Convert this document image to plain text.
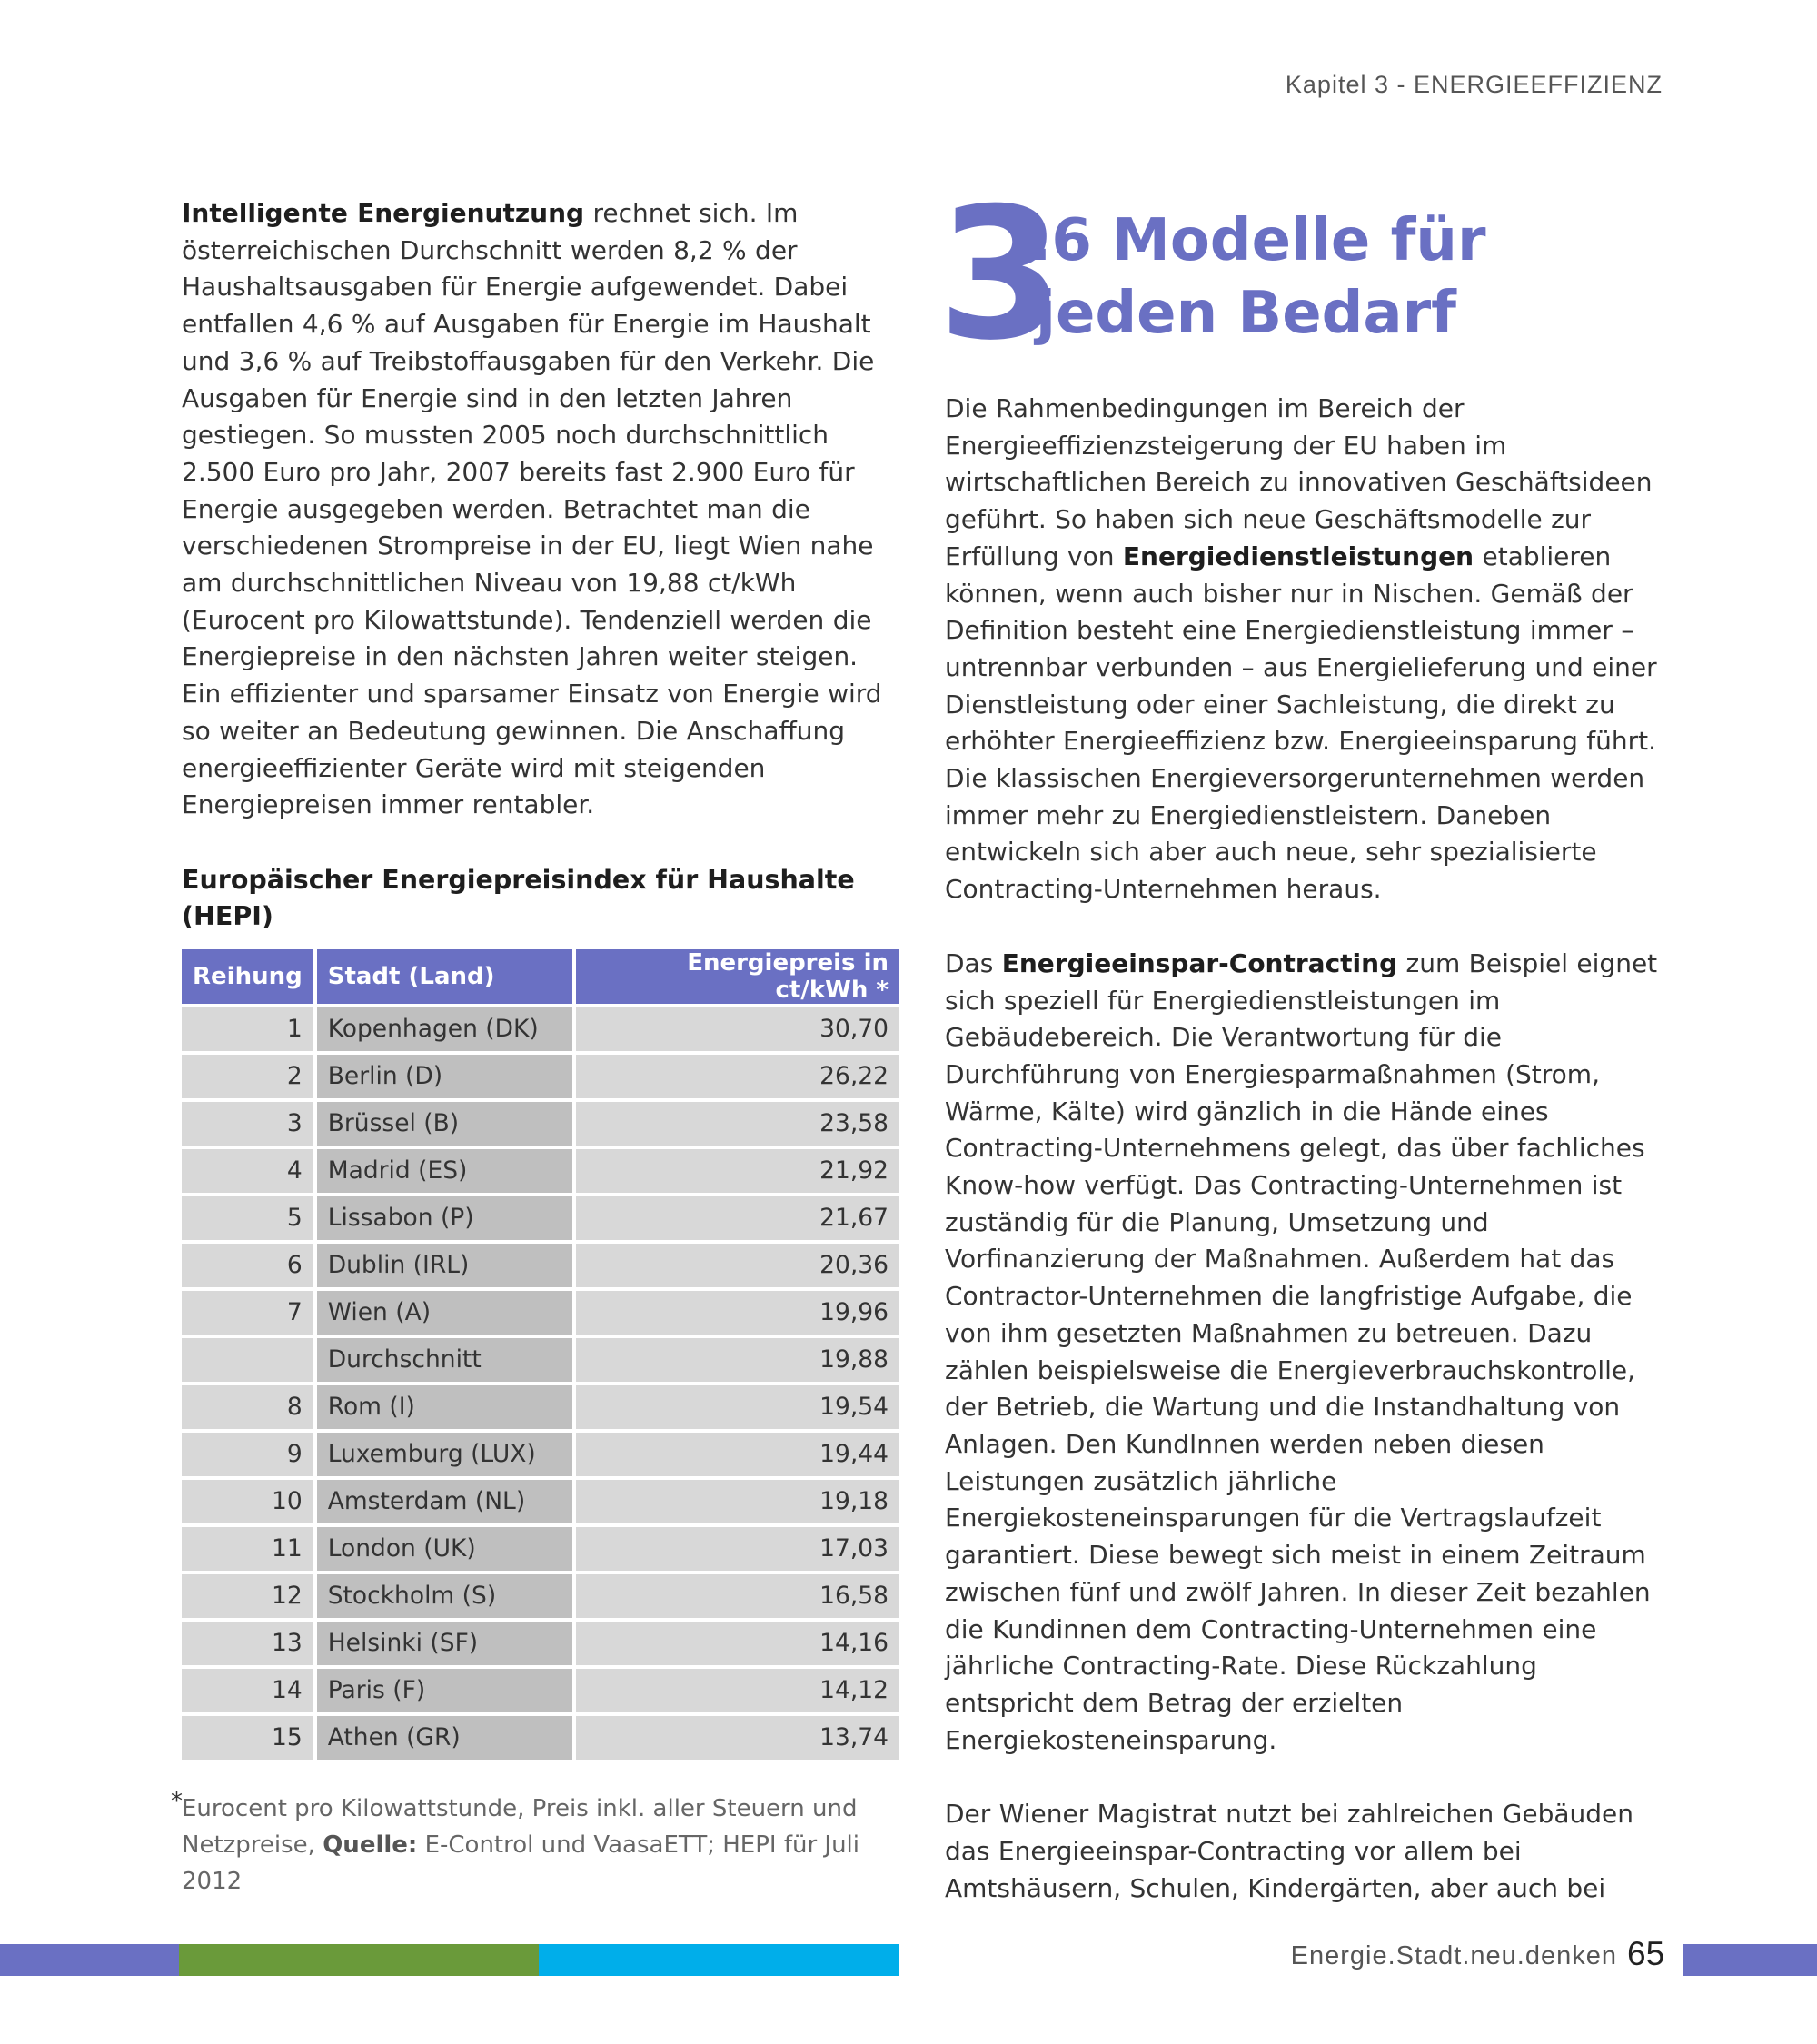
Kapitel 3 - ENERGIEEFFIZIENZ

Intelligente Energienutzung rechnet sich. Im österreichischen Durchschnitt werden 8,2 % der Haushaltsausgaben für Energie aufgewendet. Dabei entfallen 4,6 % auf Ausgaben für Energie im Haushalt und 3,6 % auf Treibstoffausgaben für den Verkehr. Die Ausgaben für Energie sind in den letzten Jahren gestiegen. So mussten 2005 noch durchschnittlich 2.500 Euro pro Jahr, 2007 bereits fast 2.900 Euro für Energie ausgegeben werden. Betrachtet man die verschiedenen Strompreise in der EU, liegt Wien nahe am durchschnittlichen Niveau von 19,88 ct/kWh (Eurocent pro Kilowattstunde). Tendenziell werden die Energiepreise in den nächsten Jahren weiter steigen. Ein effizienter und sparsamer Einsatz von Energie wird so weiter an Bedeutung gewinnen. Die Anschaffung energieeffizienter Geräte wird mit steigenden Energiepreisen immer rentabler.

Europäischer Energiepreisindex für Haushalte (HEPI)
Reihung	Stadt (Land)	Energiepreis in ct/kWh *
1	Kopenhagen (DK)	30,70
2	Berlin (D)	26,22
3	Brüssel (B)	23,58
4	Madrid (ES)	21,92
5	Lissabon (P)	21,67
6	Dublin (IRL)	20,36
7	Wien (A)	19,96
	Durchschnitt	19,88
8	Rom (I)	19,54
9	Luxemburg (LUX)	19,44
10	Amsterdam (NL)	19,18
11	London (UK)	17,03
12	Stockholm (S)	16,58
13	Helsinki (SF)	14,16
14	Paris (F)	14,12
15	Athen (GR)	13,74
* Eurocent pro Kilowattstunde, Preis inkl. aller Steuern und Netzpreise, Quelle: E-Control und VaasaETT; HEPI für Juli 2012
3
.6 Modelle für
jeden Bedarf

Die Rahmenbedingungen im Bereich der Energieeffizienzsteigerung der EU haben im wirtschaftlichen Bereich zu innovativen Geschäftsideen geführt. So haben sich neue Geschäftsmodelle zur Erfüllung von Energiedienstleistungen etablieren können, wenn auch bisher nur in Nischen. Gemäß der Definition besteht eine Energiedienstleistung immer – untrennbar verbunden – aus Energielieferung und einer Dienstleistung oder einer Sachleistung, die direkt zu erhöhter Energieeffizienz bzw. Energieeinsparung führt. Die klassischen Energieversorgerunternehmen werden immer mehr zu Energiedienstleistern. Daneben entwickeln sich aber auch neue, sehr spezialisierte Contracting-Unternehmen heraus.

Das Energieeinspar-Contracting zum Beispiel eignet sich speziell für Energiedienstleistungen im Gebäudebereich. Die Verantwortung für die Durchführung von Energiesparmaßnahmen (Strom, Wärme, Kälte) wird gänzlich in die Hände eines Contracting-Unternehmens gelegt, das über fachliches Know-how verfügt. Das Contracting-Unternehmen ist zuständig für die Planung, Umsetzung und Vorfinanzierung der Maßnahmen. Außerdem hat das Contractor-Unternehmen die langfristige Aufgabe, die von ihm gesetzten Maßnahmen zu betreuen. Dazu zählen beispielsweise die Energieverbrauchskontrolle, der Betrieb, die Wartung und die Instandhaltung von Anlagen. Den KundInnen werden neben diesen Leistungen zusätzlich jährliche Energiekosteneinsparungen für die Vertragslaufzeit garantiert. Diese bewegt sich meist in einem Zeitraum zwischen fünf und zwölf Jahren. In dieser Zeit bezahlen die Kundinnen dem Contracting-Unternehmen eine jährliche Contracting-Rate. Diese Rückzahlung entspricht dem Betrag der erzielten Energiekosteneinsparung.

Der Wiener Magistrat nutzt bei zahlreichen Gebäuden das Energieeinspar-Contracting vor allem bei Amtshäusern, Schulen, Kindergärten, aber auch bei

Energie.Stadt.neu.denken 65
